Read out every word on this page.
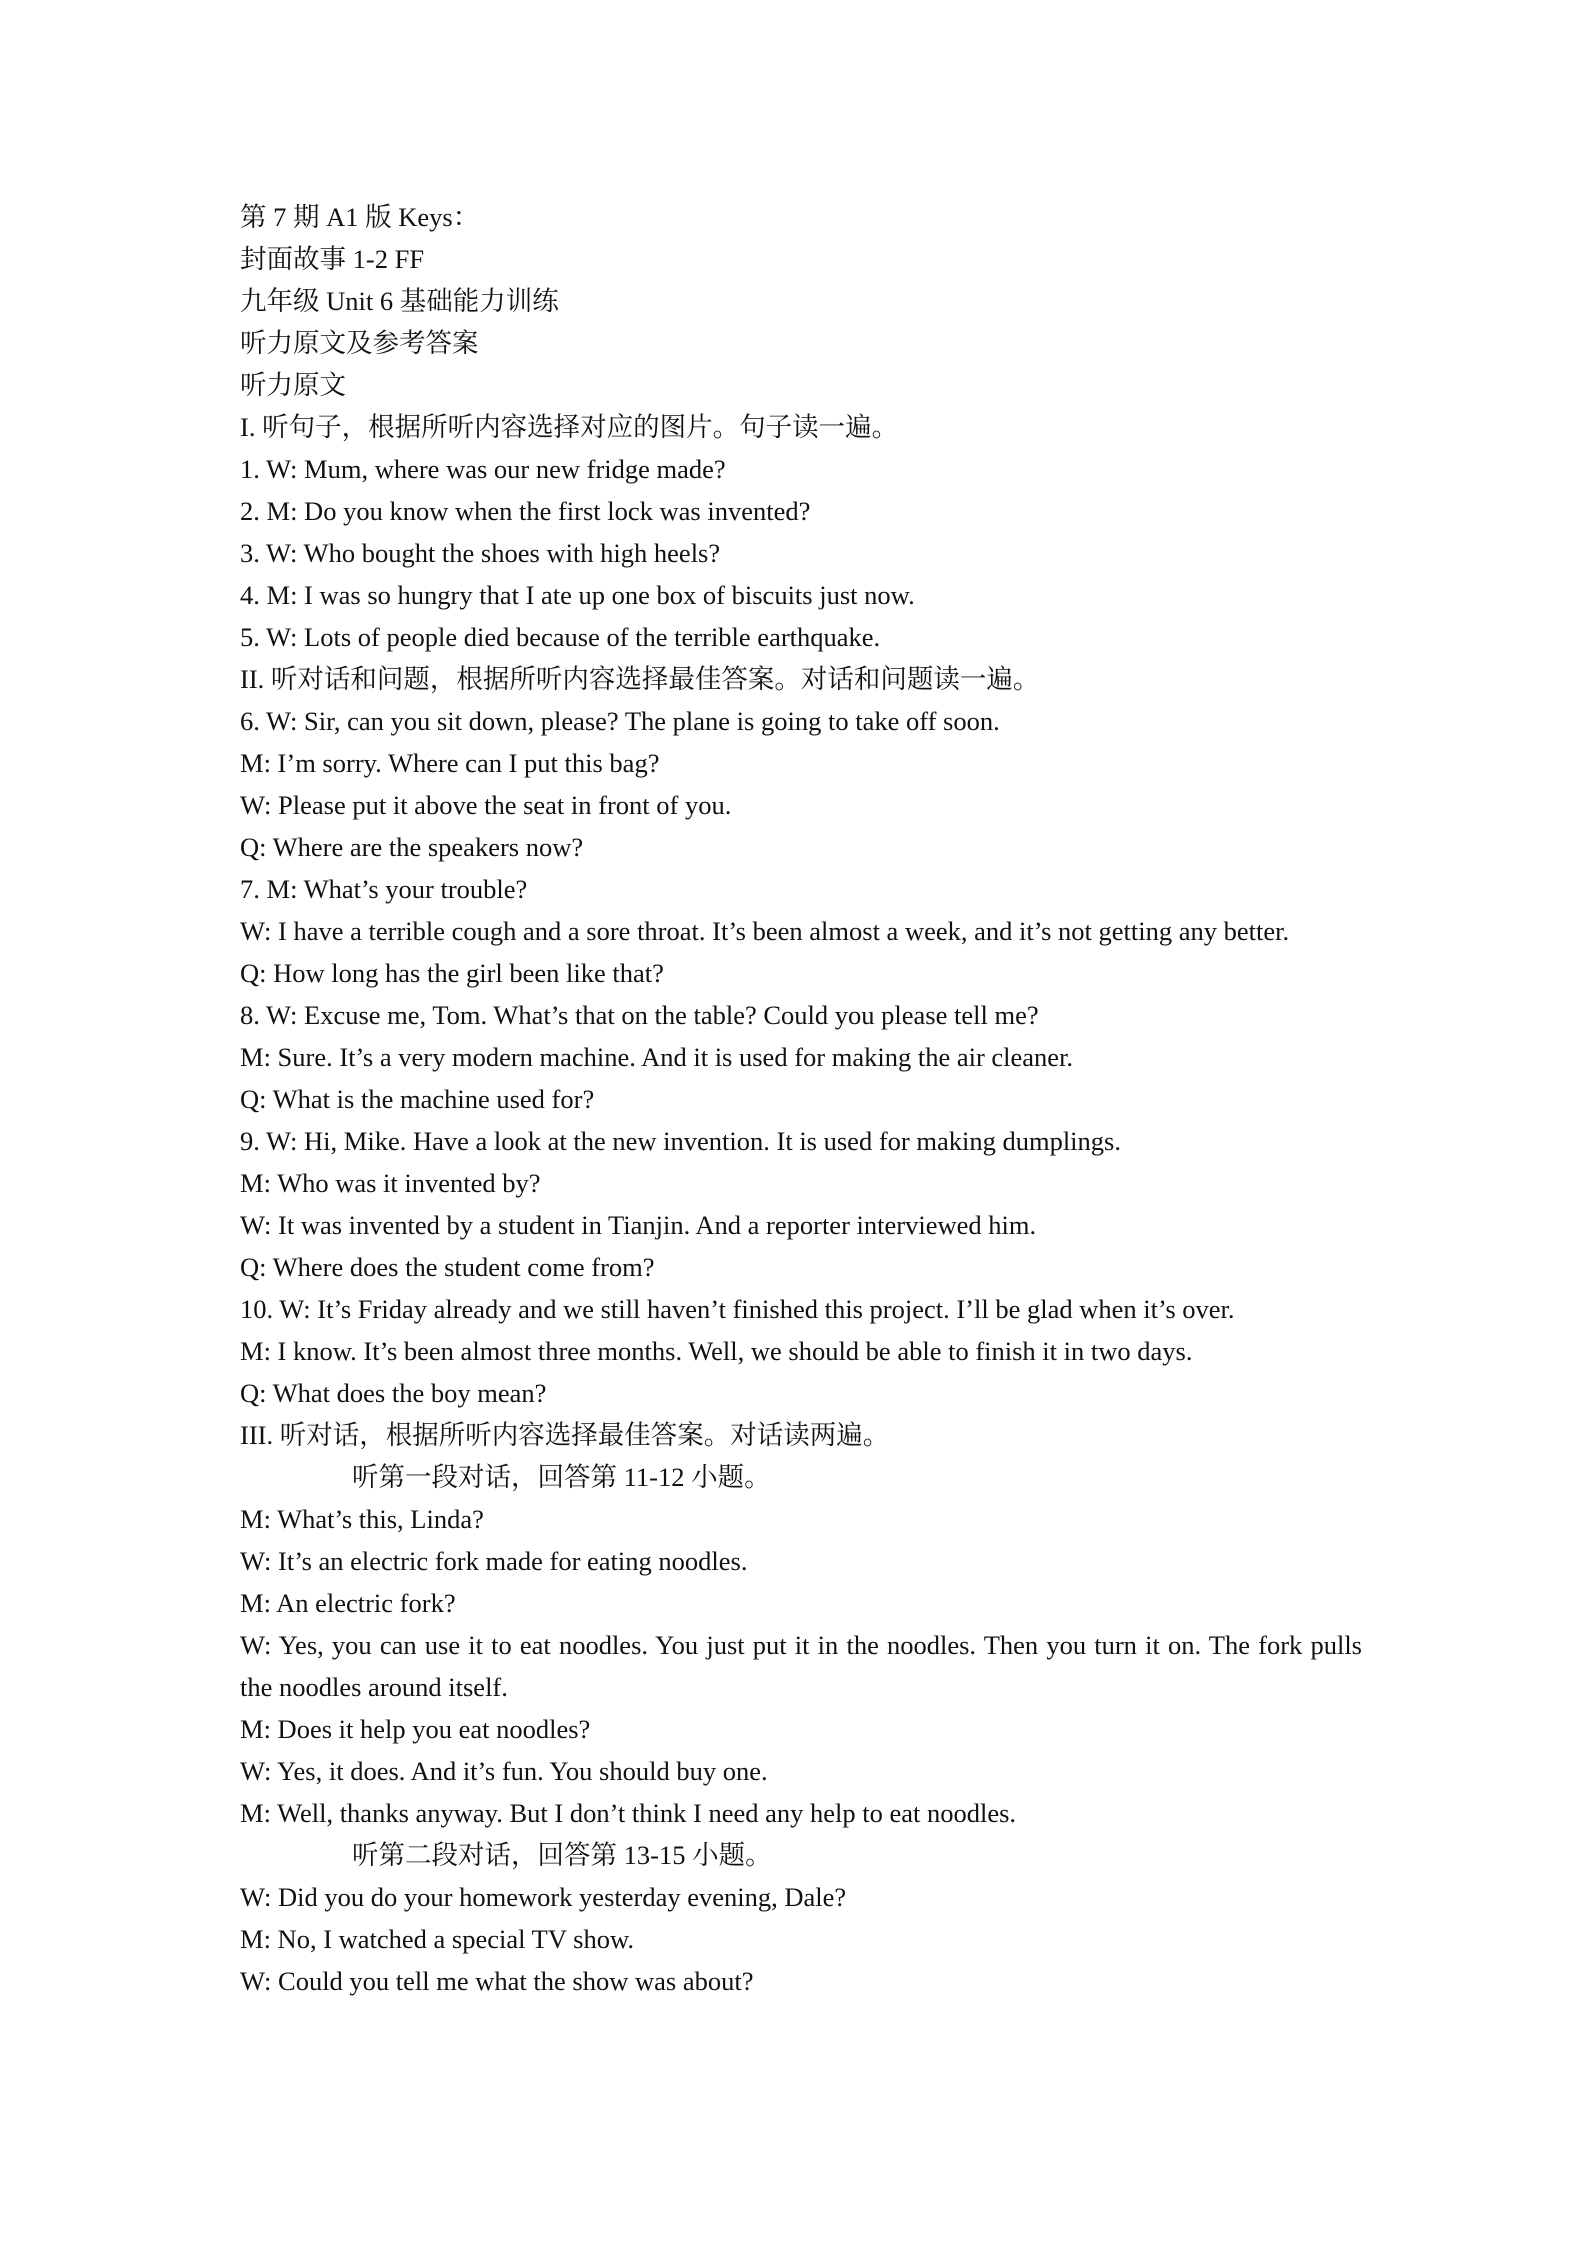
第 7 期 A1 版 Keys：
封面故事 1-2 FF
九年级 Unit 6 基础能力训练
听力原文及参考答案
听力原文
I. 听句子，根据所听内容选择对应的图片。句子读一遍。
1. W: Mum, where was our new fridge made?
2. M: Do you know when the first lock was invented?
3. W: Who bought the shoes with high heels?
4. M: I was so hungry that I ate up one box of biscuits just now.
5. W: Lots of people died because of the terrible earthquake.
II. 听对话和问题，根据所听内容选择最佳答案。对话和问题读一遍。
6. W: Sir, can you sit down, please? The plane is going to take off soon.
M: I’m sorry. Where can I put this bag?
W: Please put it above the seat in front of you.
Q: Where are the speakers now?
7. M: What’s your trouble?
W: I have a terrible cough and a sore throat. It’s been almost a week, and it’s not getting any better.
Q: How long has the girl been like that?
8. W: Excuse me, Tom. What’s that on the table? Could you please tell me?
M: Sure. It’s a very modern machine. And it is used for making the air cleaner.
Q: What is the machine used for?
9. W: Hi, Mike. Have a look at the new invention. It is used for making dumplings.
M: Who was it invented by?
W: It was invented by a student in Tianjin. And a reporter interviewed him.
Q: Where does the student come from?
10. W: It’s Friday already and we still haven’t finished this project. I’ll be glad when it’s over.
M: I know. It’s been almost three months. Well, we should be able to finish it in two days.
Q: What does the boy mean?
III. 听对话，根据所听内容选择最佳答案。对话读两遍。
听第一段对话，回答第 11-12 小题。
M: What’s this, Linda?
W: It’s an electric fork made for eating noodles.
M: An electric fork?
W: Yes, you can use it to eat noodles. You just put it in the noodles. Then you turn it on. The fork pulls the noodles around itself.
M: Does it help you eat noodles?
W: Yes, it does. And it’s fun. You should buy one.
M: Well, thanks anyway. But I don’t think I need any help to eat noodles.
听第二段对话，回答第 13-15 小题。
W: Did you do your homework yesterday evening, Dale?
M: No, I watched a special TV show.
W: Could you tell me what the show was about?
